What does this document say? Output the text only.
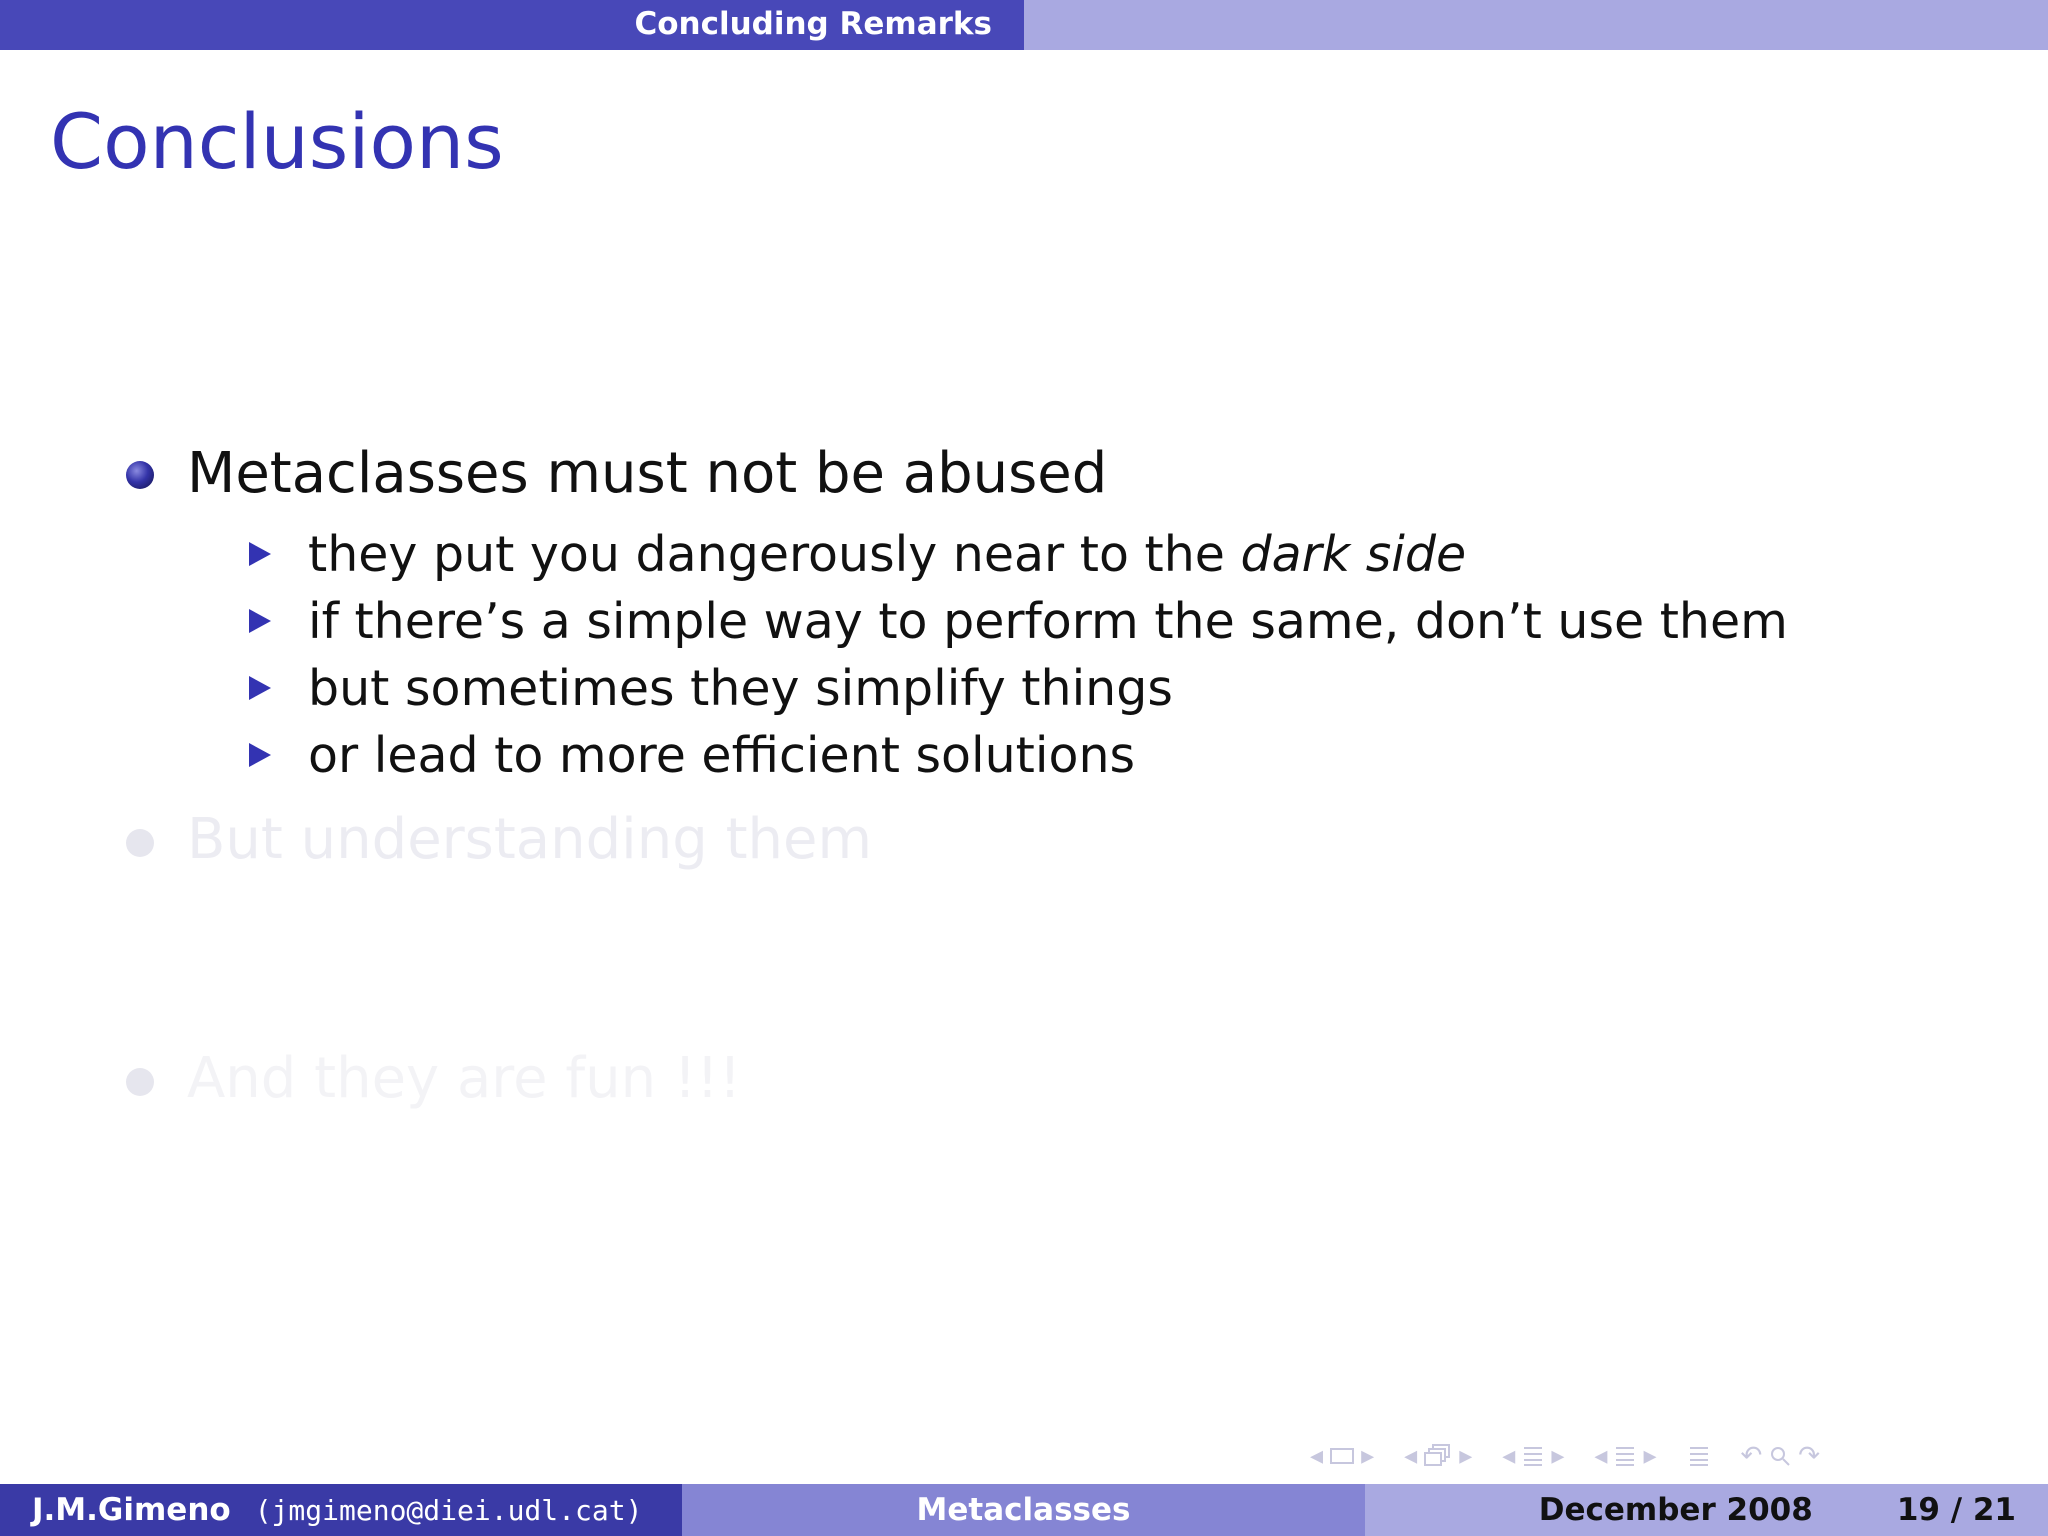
Concluding Remarks
Conclusions
Metaclasses must not be abused
they put you dangerously near to the dark side
if there’s a simple way to perform the same, don’t use them
but sometimes they simplify things
or lead to more efficient solutions
But understanding them
And they are fun !!!
◂ ▸ ◂ ▸ ◂ ▸ ◂ ▸	↶ ↷
J.M.Gimeno (jmgimeno@diei.udl.cat)	Metaclasses	December 2008	19 / 21
